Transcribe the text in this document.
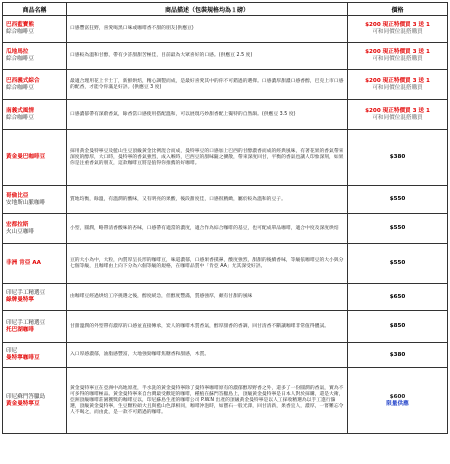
商品名稱	商品描述（包裝規格均為１磅）	價格
巴西藍寶熊
綜合咖啡豆	口感豐富狂野，喜愛喝黑口味或咖啡香不甜的朋友(供應豆)	$200 現正特價買 3 送 1
可和同價位混搭購買
瓜地馬拉
綜合咖啡豆	口感較為溫和甘醇，帶有少許甜甜苦極佳，目前最為大眾喜好的口感。(供應豆 2.5 度)	$200 現正特價買 3 送 1
可和同價位混搭購買
巴西義式綜合
綜合咖啡豆	最適合理用花上卡士丁，新鮮烘焙，精心調製而成，是最好喜愛其中的你不可錯過的選擇。口感濃厚甜濃口感香醇，巴克上市口感的配香，才能令你滿足好評。(供應豆 3 度)	$200 現正特價買 3 送 1
可和同價位混搭購買
南義式風情
綜合咖啡豆	口感濃郁帶有深蔚香氣，餘香當口感使用搭配溫和，可以展現巧妙甜香配上獨特的自然韻。(供應豆 3.5 度)	$200 現正特價買 3 送 1
可和同價位混搭購買
黃金曼巴咖啡豆	採用黃金曼特寧豆及藍山生豆頂級黃金比例混合而成，曼特寧豆的口感加上巴西的甘醇濃香而成的經典風味，有著花果的香氣帶來深度的醇厚，大口時，曼特寧的香氣強烈，成入喉時，巴西豆的甜味隨之擴散，帶來深度回甘，平衡的香氣也讓人印象深刻，如果你是注重香氣的朋友，這款咖啡豆將是值得你推薦的好咖啡。	$380
哥倫比亞
安地斯山脈咖啡	質地均衡，餘溫，有溫潤的酸味，又有明亮的果酸，後段甜度佳，口感很精緻，屬於較為溫和的豆子。	$550
宏都拉斯
火山豆咖啡	小型，圓潤，略帶清香酸味的杏味，口感帶有適當的濃度，適合作為綜合咖啡的基豆，也可配成單品咖啡，適合中度及深度烘焙	$550
非洲 肯亞 AA	豆的大小為中，大粒，內質厚呈長形的咖啡豆，味道濃郁，口感果香撲鼻，酸度強烈，甜甜的後續香味，等級依咖啡豆的大小與分七個等級，且咖啡由上向下分為六個等級的規格，在咖啡品質中「肯亞 AA」尤其深受好評。	$550
印尼手工精選豆
綠牌曼特寧	由咖啡豆經過烘焙工序挑選之後，醇度緩急，但醇度豐滿，質感強厚，頗有甘甜的風味	$650
印尼手工精選豆
托巴湖咖啡	甘甜溫潤的外型帶有濃厚的口感並直接傳承，炭人的咖啡木質香氣，醇厚甜香的香調，回甘清香不斷讓咖啡非常值得體試。	$850
印尼
曼特寧咖啡豆	入口厚感濃郁，油脂感豐富，大地強勁咖啡焦糖香和甜感，木質。	$380
印尼蘇門答臘島
黃金曼特寧豆	黃金曼特寧豆在亞洲中高地原產，半水洗的黃金曼特寧除了曼特寧咖啡原有的濃郁醇厚野香之外，還多了一份圓潤的香氣，實為不可多得的咖啡極品。黃金曼特寧來自台灣最受歡迎的咖啡，種植在蘇門答臘島上，頂級黃金曼特寧是日本人對於採購，還是大衛，亞洲頂級咖啡莊園獲獎的咖啡豆以，印尼蘇島生產的咖啡公司 P.W.N 出產的頂級黃金曼特寧是以人工採收精選為以手工進行篩選，頂級黃金曼特寧，生豆顆粒碩大且與藍山色澤相同，咖啡沖泡時，如寶石一般光澤，回甘清新，果香宜人，濃厚，一嘗難忘令人不喝之，而由此，是一款不可錯過的咖啡。	$600
限量供應
